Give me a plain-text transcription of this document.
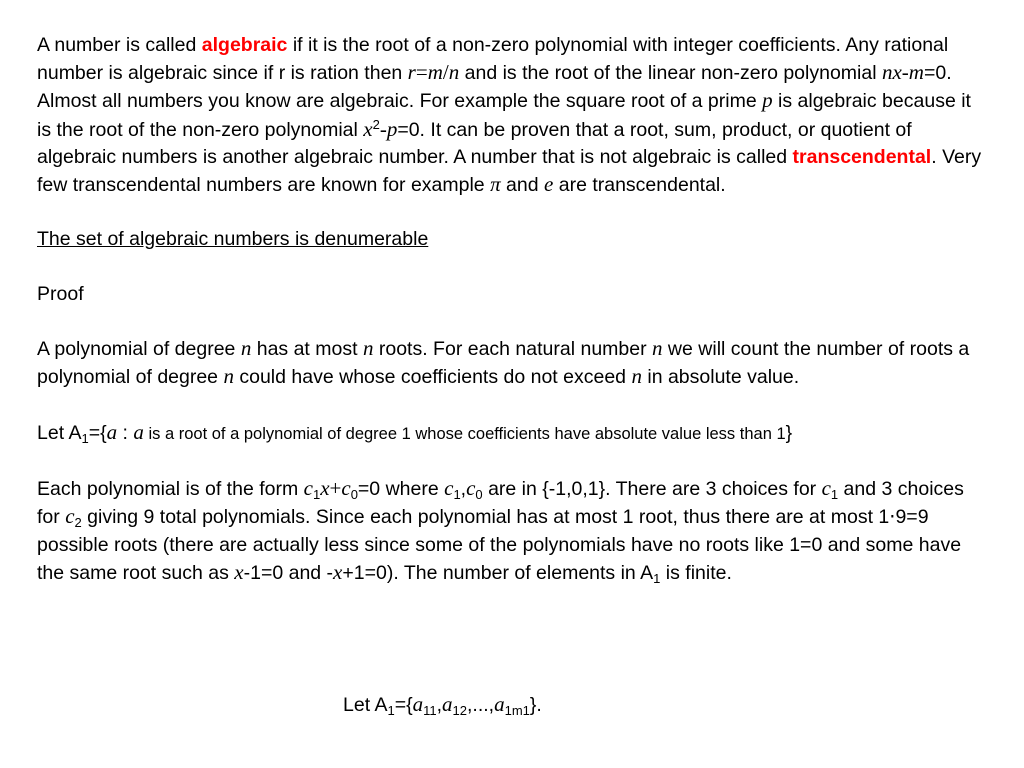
A number is called algebraic if it is the root of a non-zero polynomial with integer coefficients. Any rational number is algebraic since if r is ration then r=m/n and is the root of the linear non-zero polynomial nx-m=0. Almost all numbers you know are algebraic. For example the square root of a prime p is algebraic because it is the root of the non-zero polynomial $x^2-p=0$. It can be proven that a root, sum, product, or quotient of algebraic numbers is another algebraic number. A number that is not algebraic is called transcendental. Very few transcendental numbers are known for example π and e are transcendental.

The set of algebraic numbers is denumerable

Proof

A polynomial of degree n has at most n roots. For each natural number n we will count the number of roots a polynomial of degree n could have whose coefficients do not exceed n in absolute value.

Let $A_1=\{a$ : a is a root of a polynomial of degree 1 whose coefficients have absolute value less than 1}

Each polynomial is of the form $c_1x+c_0=0$ where $c_1,c_0$ are in {-1,0,1}. There are 3 choices for $c_1$ and 3 choices for $c_2$ giving 9 total polynomials. Since each polynomial has at most 1 root, thus there are at most 1⋅9=9 possible roots (there are actually less since some of the polynomials have no roots like 1=0 and some have the same root such as x-1=0 and -x+1=0). The number of elements in $A_1$ is finite.

Let $A_1=\{a_{11},a_{12},...,a_{1m1}\}$.
